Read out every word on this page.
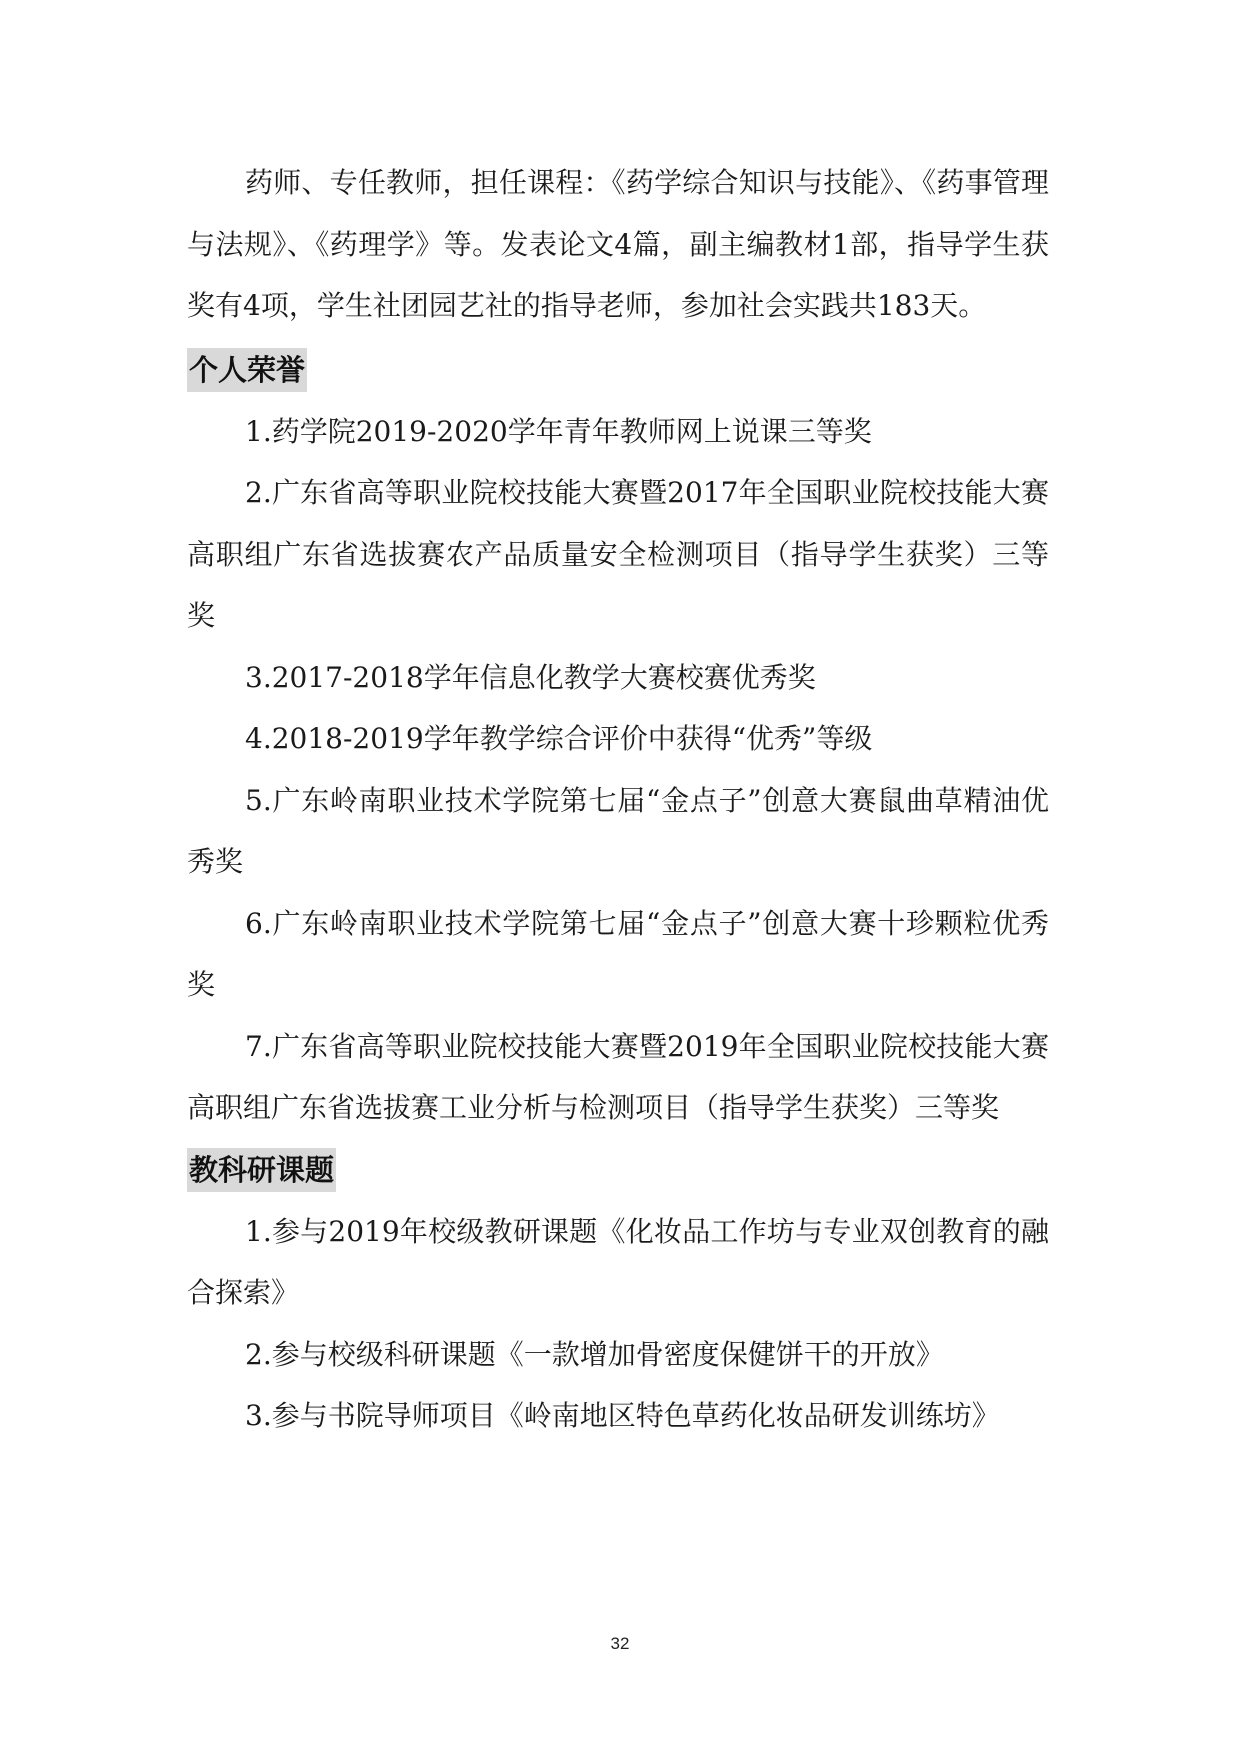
药师、专任教师，担任课程：《药学综合知识与技能》、《药事管理与法规》、《药理学》等。发表论文4篇，副主编教材1部，指导学生获奖有4项，学生社团园艺社的指导老师，参加社会实践共183天。

个人荣誉

1.药学院2019-2020学年青年教师网上说课三等奖

2.广东省高等职业院校技能大赛暨2017年全国职业院校技能大赛高职组广东省选拔赛农产品质量安全检测项目（指导学生获奖）三等奖

3.2017-2018学年信息化教学大赛校赛优秀奖

4.2018-2019学年教学综合评价中获得“优秀”等级

5.广东岭南职业技术学院第七届“金点子”创意大赛鼠曲草精油优秀奖

6.广东岭南职业技术学院第七届“金点子”创意大赛十珍颗粒优秀奖

7.广东省高等职业院校技能大赛暨2019年全国职业院校技能大赛高职组广东省选拔赛工业分析与检测项目（指导学生获奖）三等奖

教科研课题

1.参与2019年校级教研课题《化妆品工作坊与专业双创教育的融合探索》

2.参与校级科研课题《一款增加骨密度保健饼干的开放》

3.参与书院导师项目《岭南地区特色草药化妆品研发训练坊》

32
